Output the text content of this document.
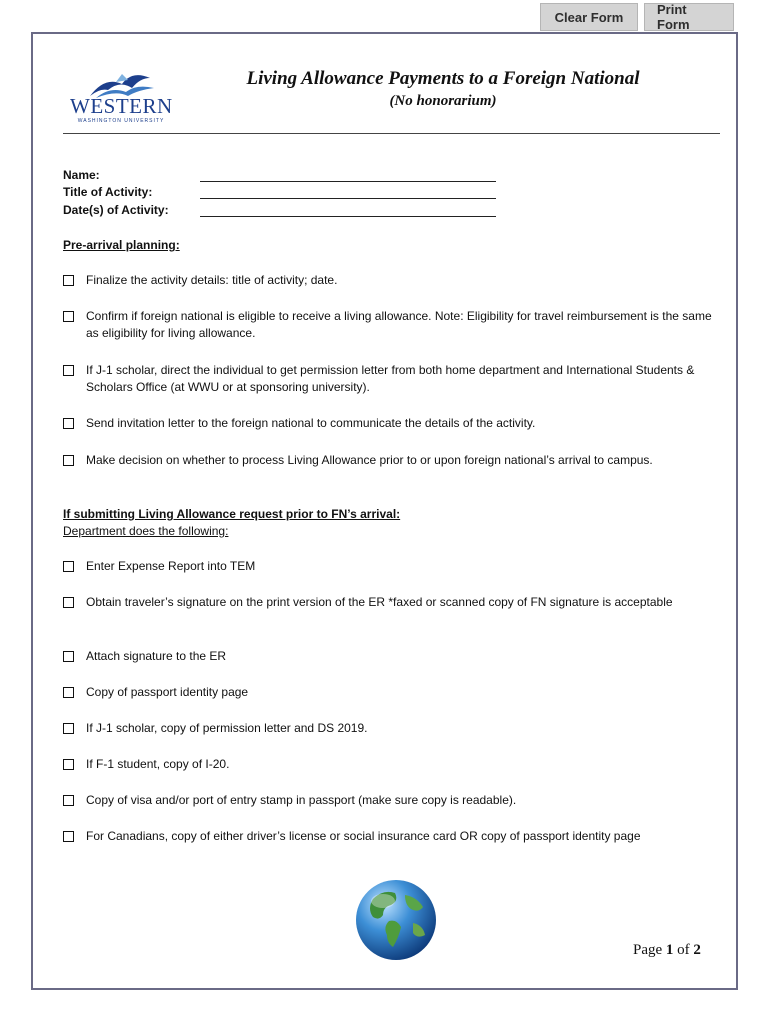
Clear Form	Print Form
WESTERN
WASHINGTON UNIVERSITY
Living Allowance Payments to a Foreign National
(No honorarium)
Name:
Title of Activity:
Date(s) of Activity:
Pre-arrival planning:
Finalize the activity details: title of activity; date.
Confirm if foreign national is eligible to receive a living allowance. Note: Eligibility for travel reimbursement is the same as eligibility for living allowance.
If J-1 scholar, direct the individual to get permission letter from both home department and International Students & Scholars Office (at WWU or at sponsoring university).
Send invitation letter to the foreign national to communicate the details of the activity.
Make decision on whether to process Living Allowance prior to or upon foreign national’s arrival to campus.
If submitting Living Allowance request prior to FN’s arrival:
Department does the following:
Enter Expense Report into TEM
Obtain traveler’s signature on the print version of the ER *faxed or scanned copy of FN signature is acceptable
Attach signature to the ER
Copy of passport identity page
If J-1 scholar, copy of permission letter and DS 2019.
If F-1 student, copy of I-20.
Copy of visa and/or port of entry stamp in passport (make sure copy is readable).
For Canadians, copy of either driver’s license or social insurance card OR copy of passport identity page
Page 1 of 2
